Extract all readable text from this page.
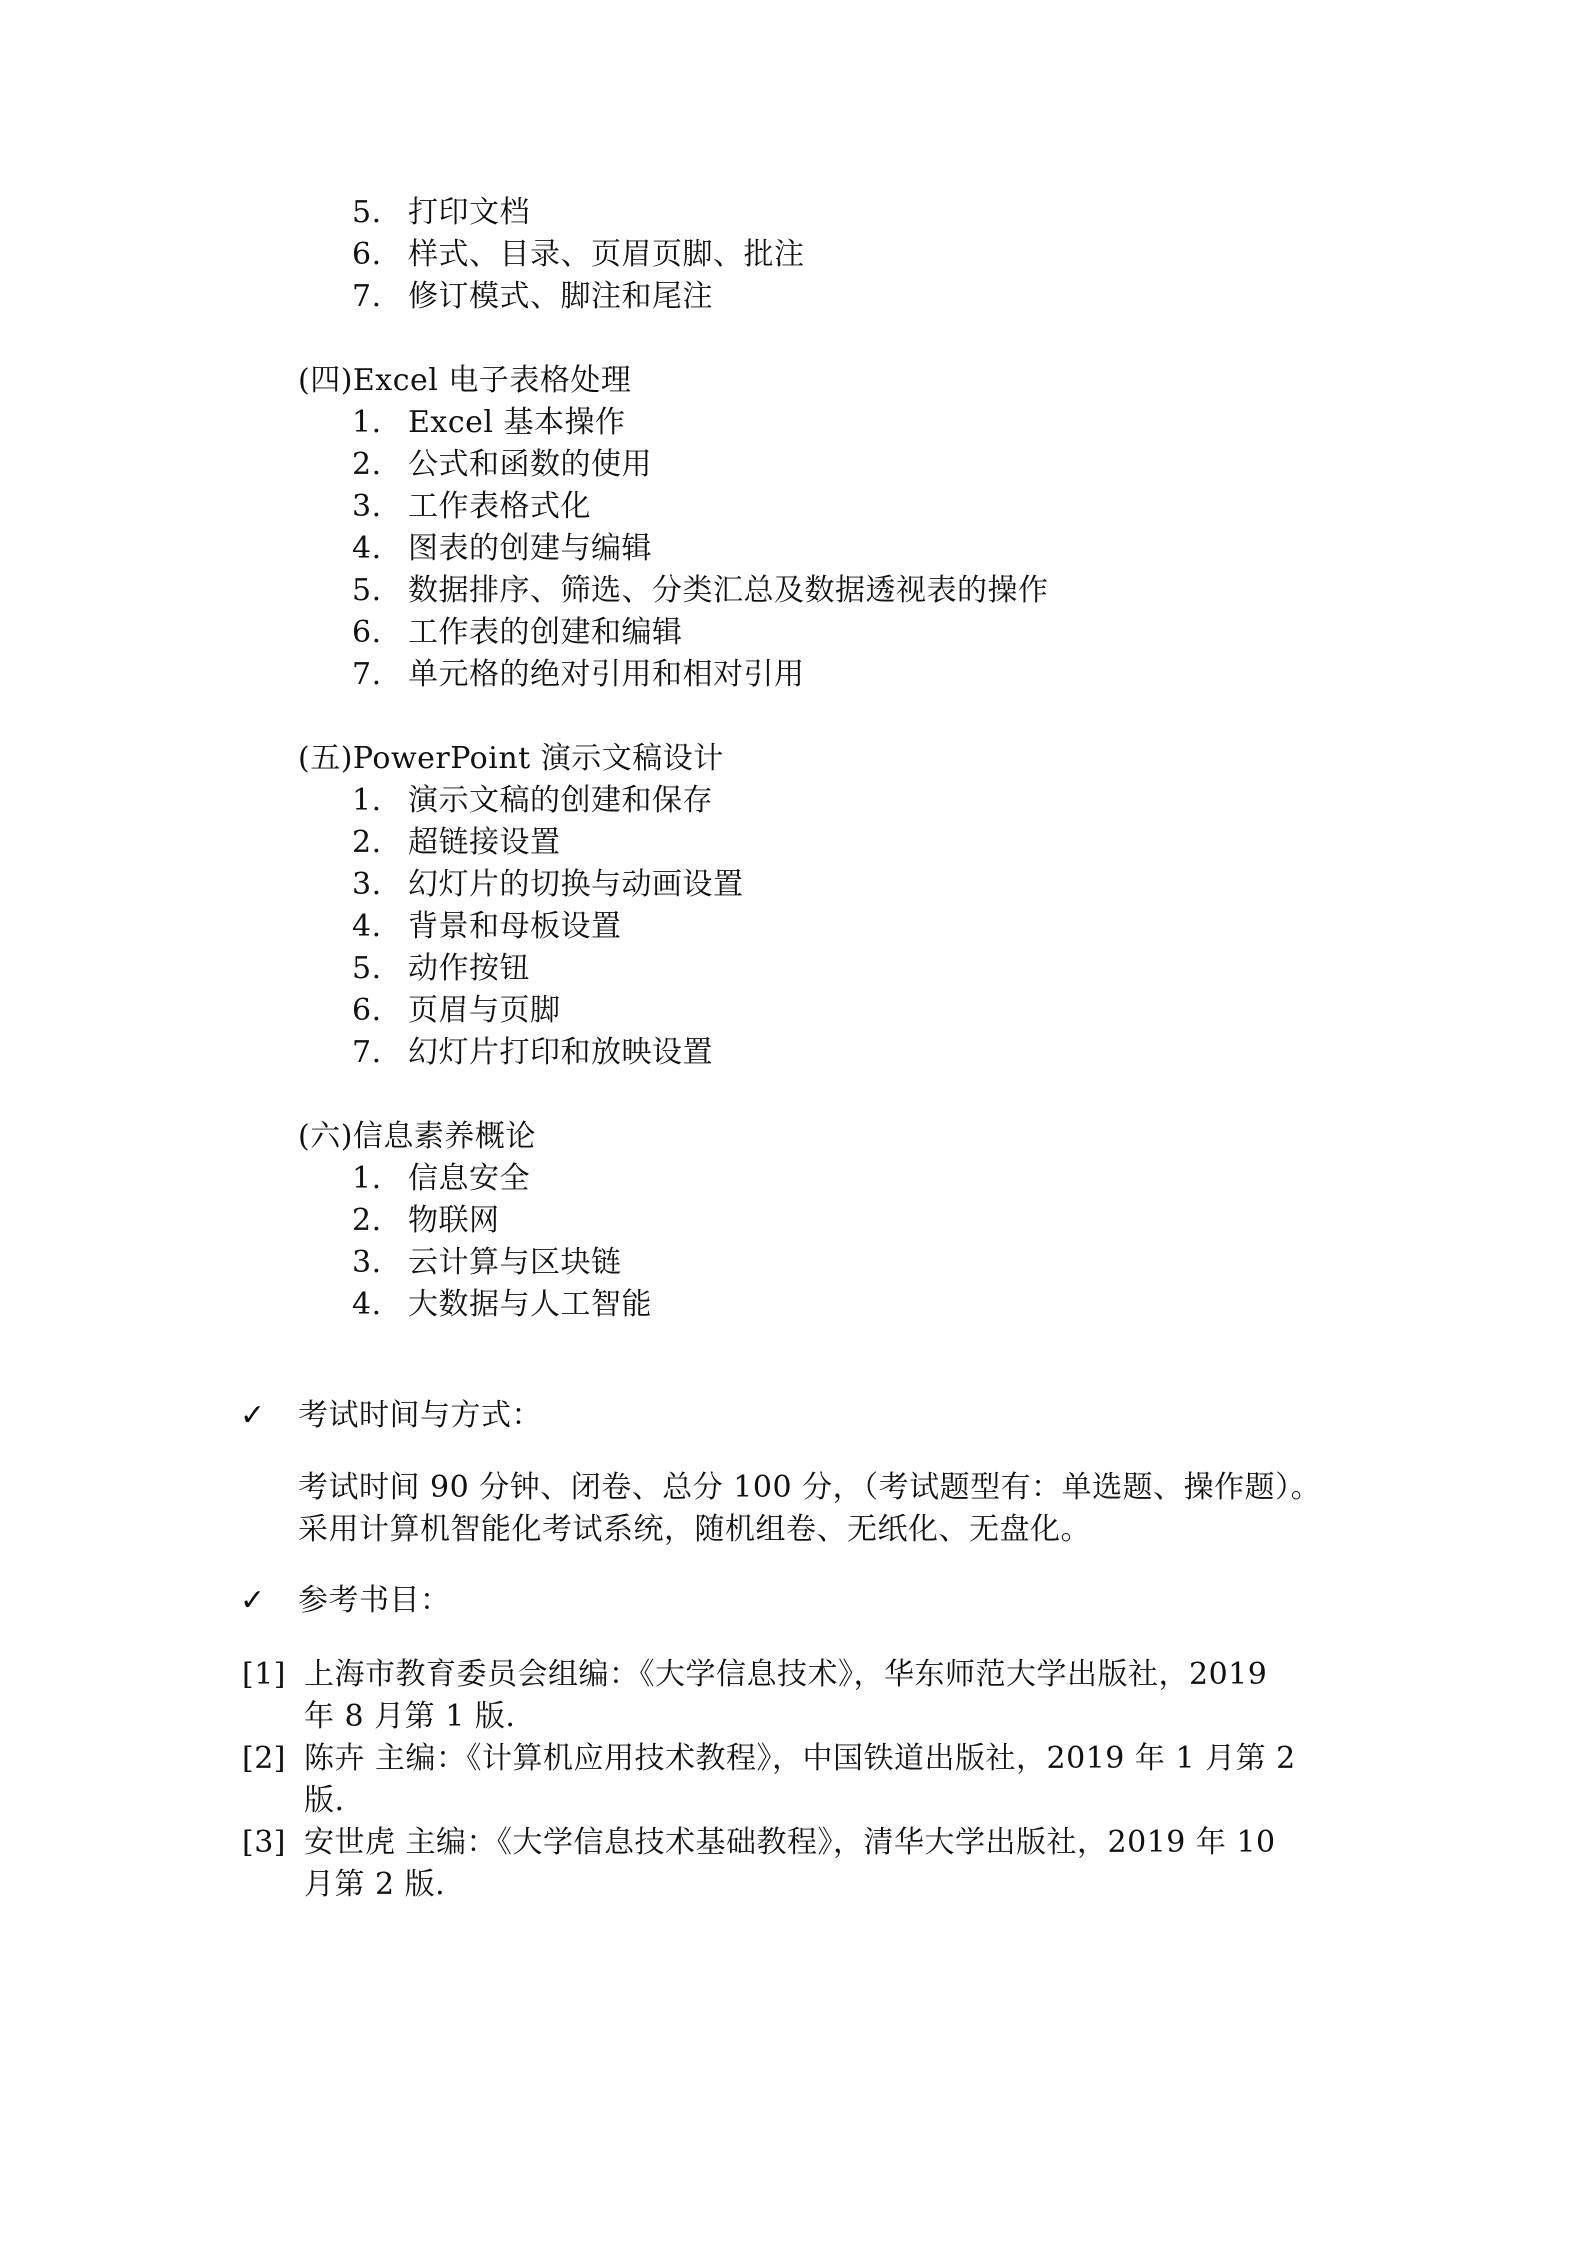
5. 打印文档
6. 样式、目录、页眉页脚、批注
7. 修订模式、脚注和尾注
(四)Excel 电子表格处理
1. Excel 基本操作
2. 公式和函数的使用
3. 工作表格式化
4. 图表的创建与编辑
5. 数据排序、筛选、分类汇总及数据透视表的操作
6. 工作表的创建和编辑
7. 单元格的绝对引用和相对引用
(五)PowerPoint 演示文稿设计
1. 演示文稿的创建和保存
2. 超链接设置
3. 幻灯片的切换与动画设置
4. 背景和母板设置
5. 动作按钮
6. 页眉与页脚
7. 幻灯片打印和放映设置
(六)信息素养概论
1. 信息安全
2. 物联网
3. 云计算与区块链
4. 大数据与人工智能
✓ 考试时间与方式：
考试时间 90 分钟、闭卷、总分 100 分，（考试题型有：单选题、操作题）。
采用计算机智能化考试系统，随机组卷、无纸化、无盘化。
✓ 参考书目：
[1] 上海市教育委员会组编：《大学信息技术》，华东师范大学出版社，2019
年 8 月第 1 版.
[2] 陈卉 主编：《计算机应用技术教程》，中国铁道出版社，2019 年 1 月第 2
版.
[3] 安世虎 主编：《大学信息技术基础教程》，清华大学出版社，2019 年 10
月第 2 版.
